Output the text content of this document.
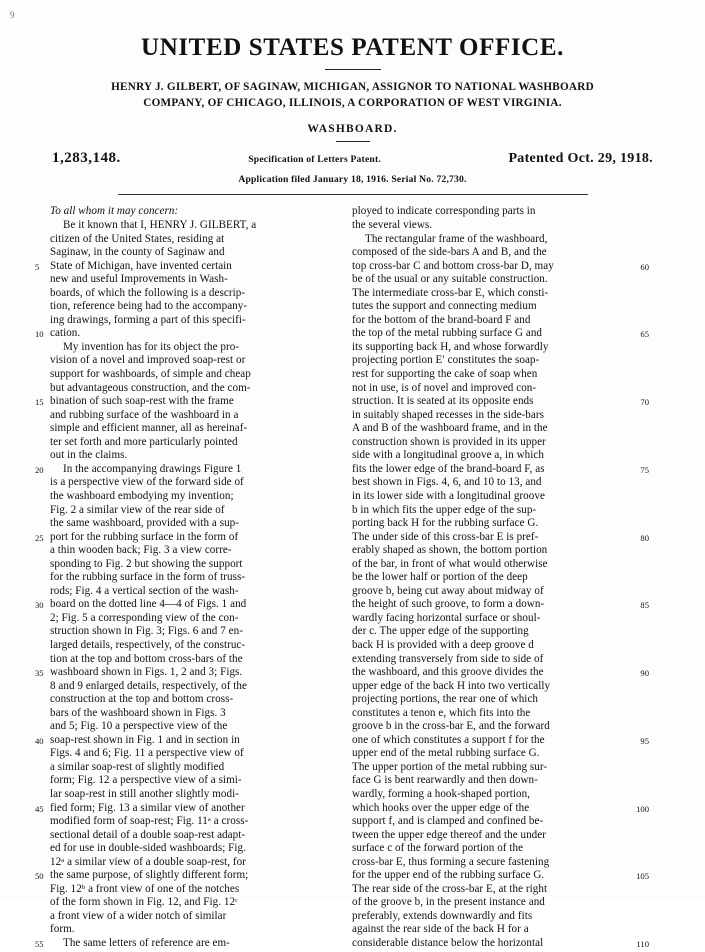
9
UNITED STATES PATENT OFFICE.
HENRY J. GILBERT, OF SAGINAW, MICHIGAN, ASSIGNOR TO NATIONAL WASHBOARD
COMPANY, OF CHICAGO, ILLINOIS, A CORPORATION OF WEST VIRGINIA.
WASHBOARD.
1,283,148.	Specification of Letters Patent.	Patented Oct. 29, 1918.
Application filed January 18, 1916. Serial No. 72,730.
To all whom it may concern:
Be it known that I, HENRY J. GILBERT, a
citizen of the United States, residing at
Saginaw, in the county of Saginaw and
5 State of Michigan, have invented certain
new and useful Improvements in Wash-
boards, of which the following is a descrip-
tion, reference being had to the accompany-
ing drawings, forming a part of this specifi-
10 cation.
My invention has for its object the pro-
vision of a novel and improved soap-rest or
support for washboards, of simple and cheap
but advantageous construction, and the com-
15 bination of such soap-rest with the frame
and rubbing surface of the washboard in a
simple and efficient manner, all as hereinaf-
ter set forth and more particularly pointed
out in the claims.
20	In the accompanying drawings Figure 1
is a perspective view of the forward side of
the washboard embodying my invention;
Fig. 2 a similar view of the rear side of
the same washboard, provided with a sup-
25 port for the rubbing surface in the form of
a thin wooden back; Fig. 3 a view corre-
sponding to Fig. 2 but showing the support
for the rubbing surface in the form of truss-
rods; Fig. 4 a vertical section of the wash-
30 board on the dotted line 4—4 of Figs. 1 and
2; Fig. 5 a corresponding view of the con-
struction shown in Fig. 3; Figs. 6 and 7 en-
larged details, respectively, of the construc-
tion at the top and bottom cross-bars of the
35 washboard shown in Figs. 1, 2 and 3; Figs.
8 and 9 enlarged details, respectively, of the
construction at the top and bottom cross-
bars of the washboard shown in Figs. 3
and 5; Fig. 10 a perspective view of the
40 soap-rest shown in Fig. 1 and in section in
Figs. 4 and 6; Fig. 11 a perspective view of
a similar soap-rest of slightly modified
form; Fig. 12 a perspective view of a simi-
lar soap-rest in still another slightly modi-
45 fied form; Fig. 13 a similar view of another
modified form of soap-rest; Fig. 11ᵃ a cross-
sectional detail of a double soap-rest adapt-
ed for use in double-sided washboards; Fig.
12ᵃ a similar view of a double soap-rest, for
50 the same purpose, of slightly different form;
Fig. 12ᵇ a front view of one of the notches
of the form shown in Fig. 12, and Fig. 12ᶜ
a front view of a wider notch of similar
form.
55	The same letters of reference are em-
ployed to indicate corresponding parts in
the several views.
The rectangular frame of the washboard,
composed of the side-bars A and B, and the
60
top cross-bar C and bottom cross-bar D, may
be of the usual or any suitable construction.
The intermediate cross-bar E, which consti-
tutes the support and connecting medium
for the bottom of the brand-board F and
65
the top of the metal rubbing surface G and
its supporting back H, and whose forwardly
projecting portion E′ constitutes the soap-
rest for supporting the cake of soap when
not in use, is of novel and improved con-
70
struction. It is seated at its opposite ends
in suitably shaped recesses in the side-bars
A and B of the washboard frame, and in the
construction shown is provided in its upper
side with a longitudinal groove a, in which
75
fits the lower edge of the brand-board F, as
best shown in Figs. 4, 6, and 10 to 13, and
in its lower side with a longitudinal groove
b in which fits the upper edge of the sup-
porting back H for the rubbing surface G.
80
The under side of this cross-bar E is pref-
erably shaped as shown, the bottom portion
of the bar, in front of what would otherwise
be the lower half or portion of the deep
groove b, being cut away about midway of
85
the height of such groove, to form a down-
wardly facing horizontal surface or shoul-
der c. The upper edge of the supporting
back H is provided with a deep groove d
extending transversely from side to side of
90
the washboard, and this groove divides the
upper edge of the back H into two vertically
projecting portions, the rear one of which
constitutes a tenon e, which fits into the
groove b in the cross-bar E, and the forward
95
one of which constitutes a support f for the
upper end of the metal rubbing surface G.
The upper portion of the metal rubbing sur-
face G is bent rearwardly and then down-
wardly, forming a hook-shaped portion,
100
which hooks over the upper edge of the
support f, and is clamped and confined be-
tween the upper edge thereof and the under
surface c of the forward portion of the
cross-bar E, thus forming a secure fastening
105
for the upper end of the rubbing surface G.
The rear side of the cross-bar E, at the right
of the groove b, in the present instance and
preferably, extends downwardly and fits
against the rear side of the back H for a
110
considerable distance below the horizontal
